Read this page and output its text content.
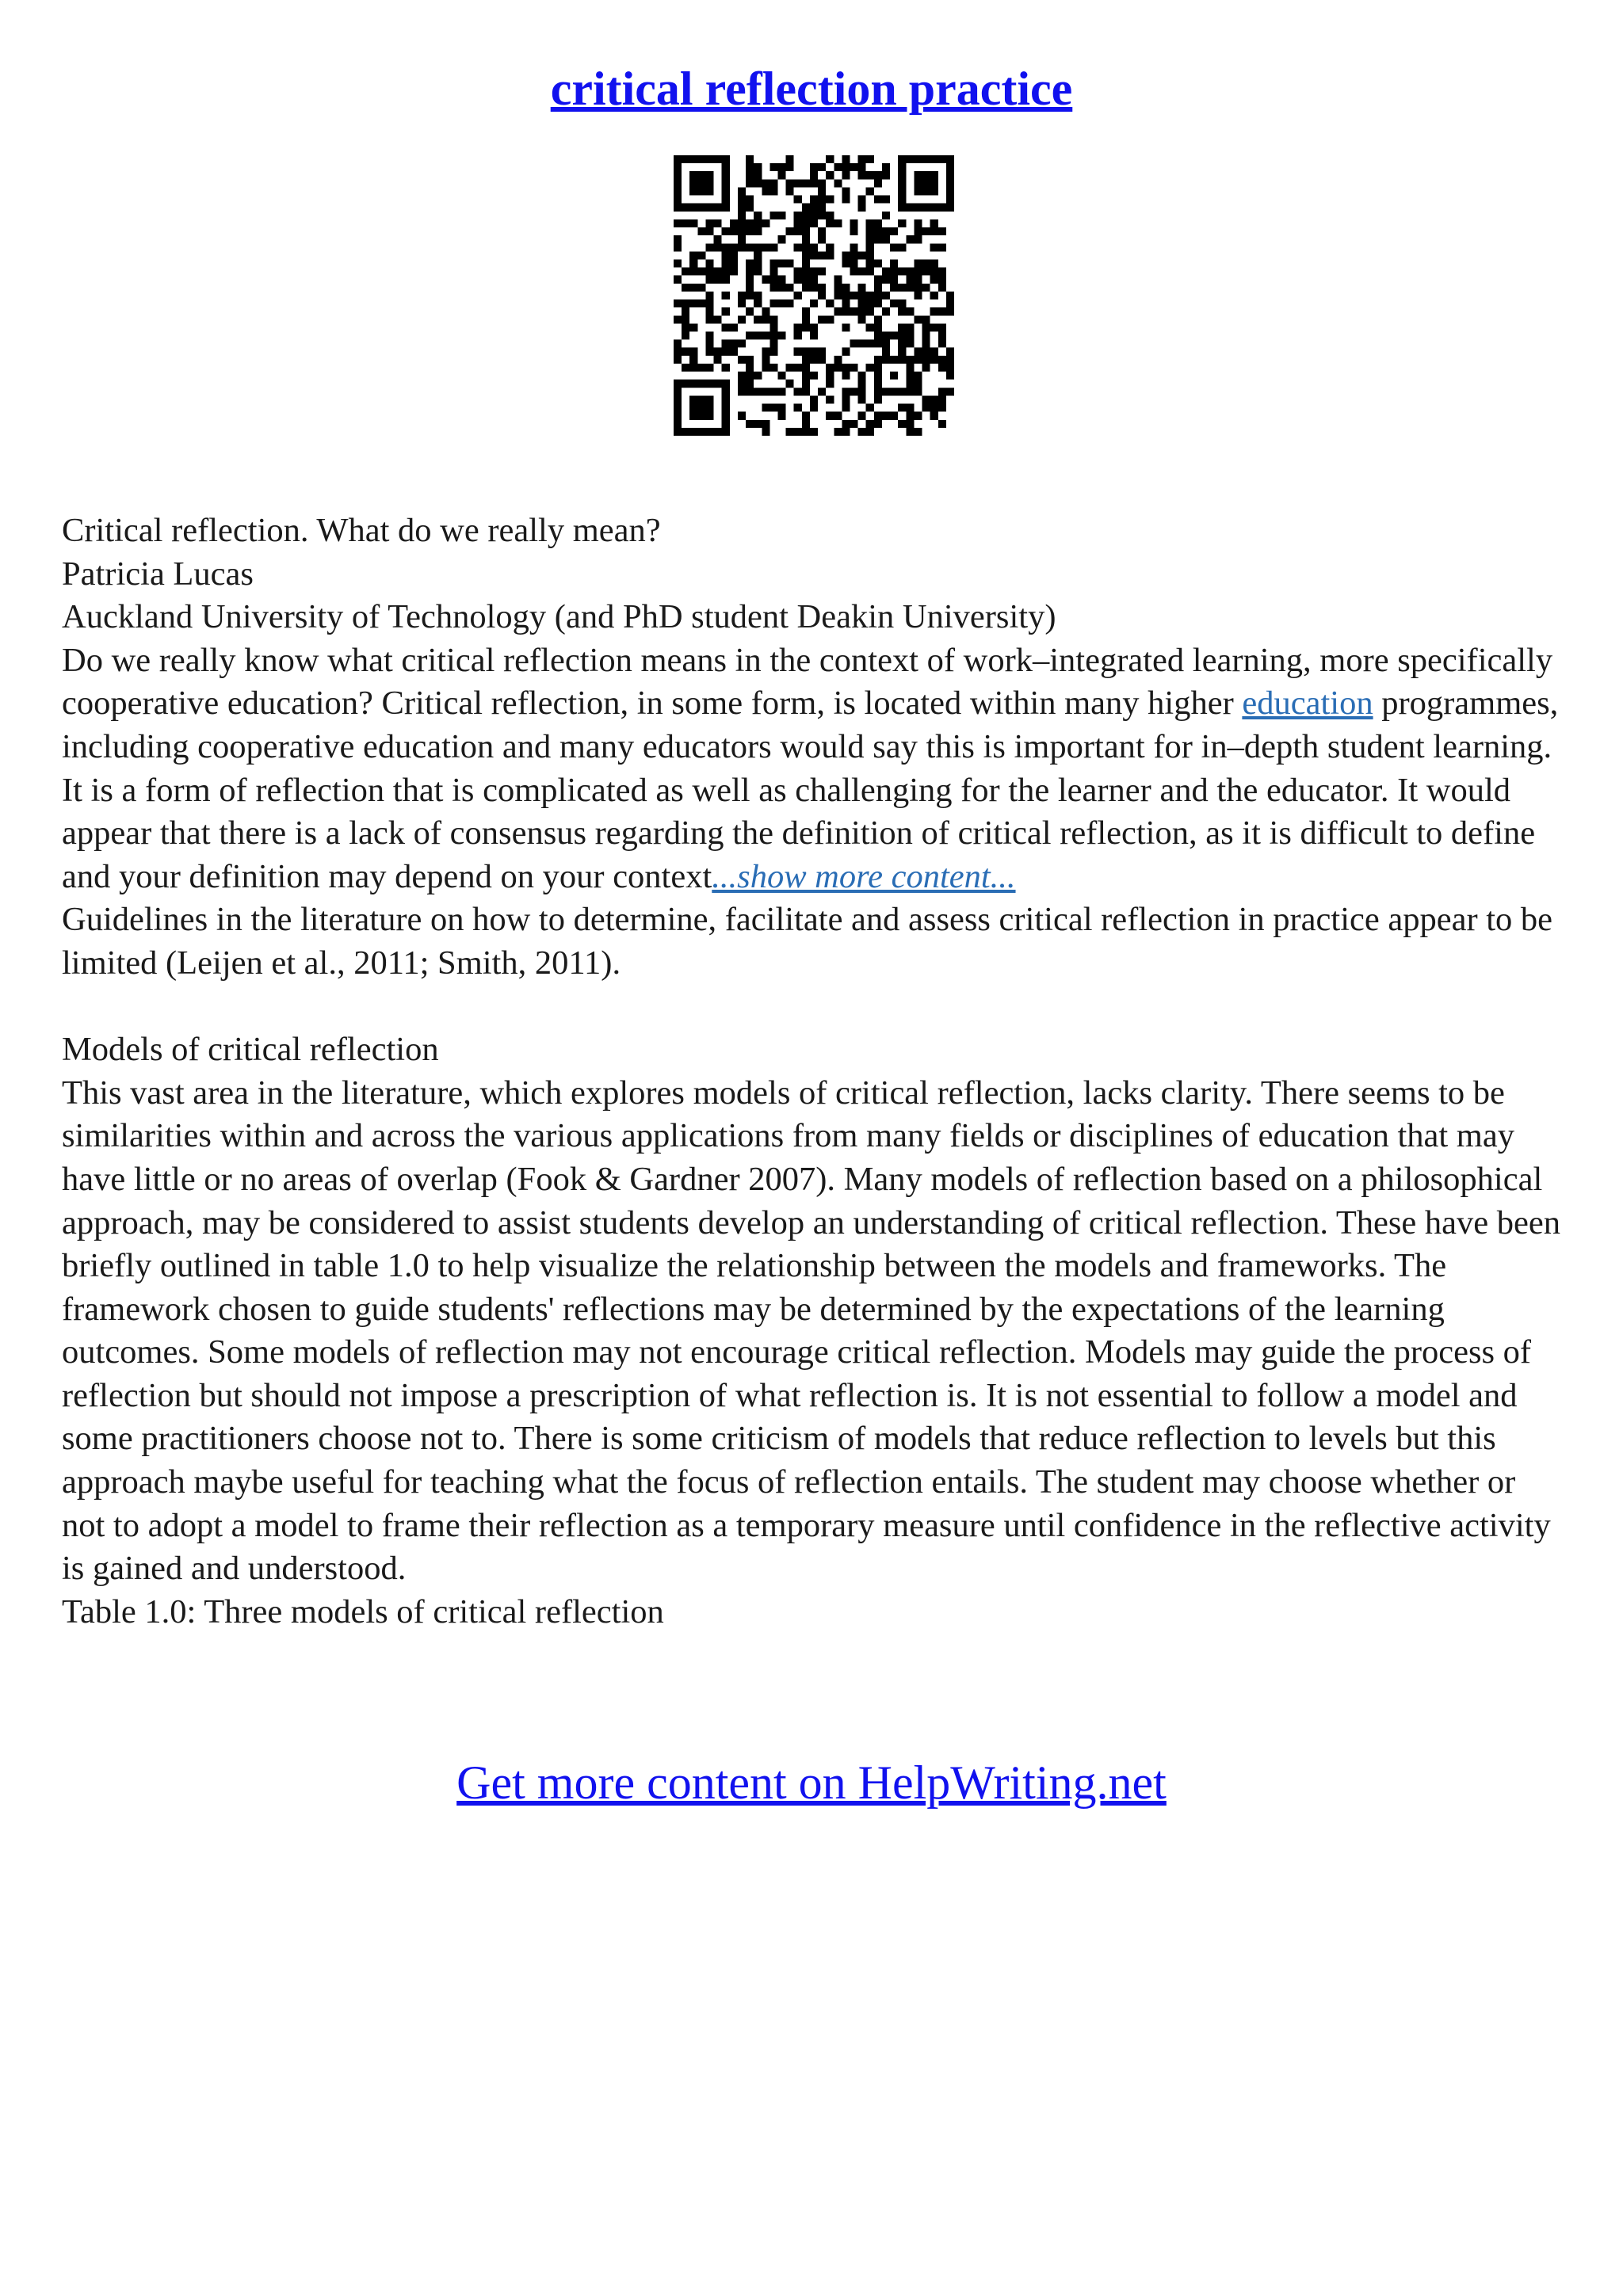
critical reflection practice

Critical reflection. What do we really mean?

Patricia Lucas

Auckland University of Technology (and PhD student Deakin University)

Do we really know what critical reflection means in the context of work–integrated learning, more specifically cooperative education? Critical reflection, in some form, is located within many higher education programmes, including cooperative education and many educators would say this is important for in–depth student learning. It is a form of reflection that is complicated as well as challenging for the learner and the educator. It would appear that there is a lack of consensus regarding the definition of critical reflection, as it is difficult to define and your definition may depend on your context...show more content...

Guidelines in the literature on how to determine, facilitate and assess critical reflection in practice appear to be limited (Leijen et al., 2011; Smith, 2011).

Models of critical reflection

This vast area in the literature, which explores models of critical reflection, lacks clarity. There seems to be similarities within and across the various applications from many fields or disciplines of education that may have little or no areas of overlap (Fook & Gardner 2007). Many models of reflection based on a philosophical approach, may be considered to assist students develop an understanding of critical reflection. These have been briefly outlined in table 1.0 to help visualize the relationship between the models and frameworks. The framework chosen to guide students' reflections may be determined by the expectations of the learning outcomes. Some models of reflection may not encourage critical reflection. Models may guide the process of reflection but should not impose a prescription of what reflection is. It is not essential to follow a model and some practitioners choose not to. There is some criticism of models that reduce reflection to levels but this approach maybe useful for teaching what the focus of reflection entails. The student may choose whether or not to adopt a model to frame their reflection as a temporary measure until confidence in the reflective activity is gained and understood.

Table 1.0: Three models of critical reflection

Get more content on HelpWriting.net
